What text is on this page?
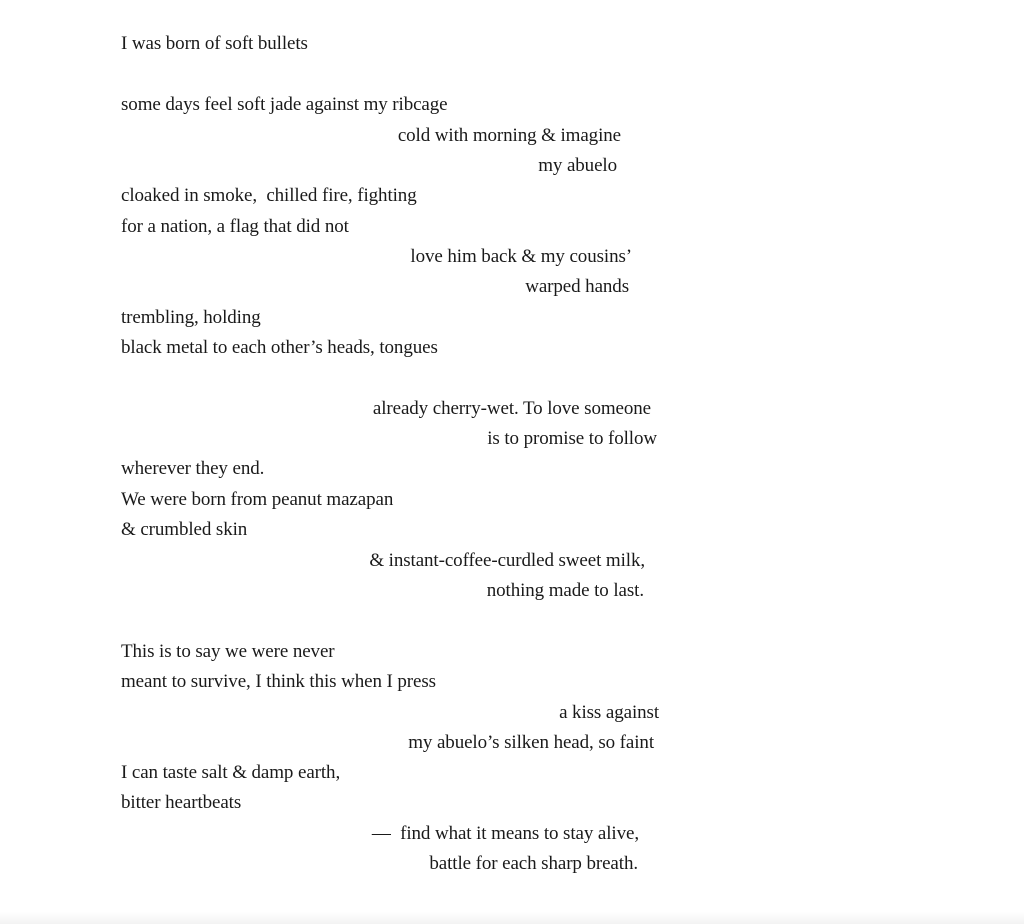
I was born of soft bullets
some days feel soft jade against my ribcage
cold with morning & imagine
my abuelo
cloaked in smoke,  chilled fire, fighting
for a nation, a flag that did not
love him back & my cousins’
warped hands
trembling, holding
black metal to each other’s heads, tongues
already cherry-wet. To love someone
is to promise to follow
wherever they end.
We were born from peanut mazapan
& crumbled skin
& instant-coffee-curdled sweet milk,
nothing made to last.
This is to say we were never
meant to survive, I think this when I press
a kiss against
my abuelo’s silken head, so faint
I can taste salt & damp earth,
bitter heartbeats
—  find what it means to stay alive,
battle for each sharp breath.
